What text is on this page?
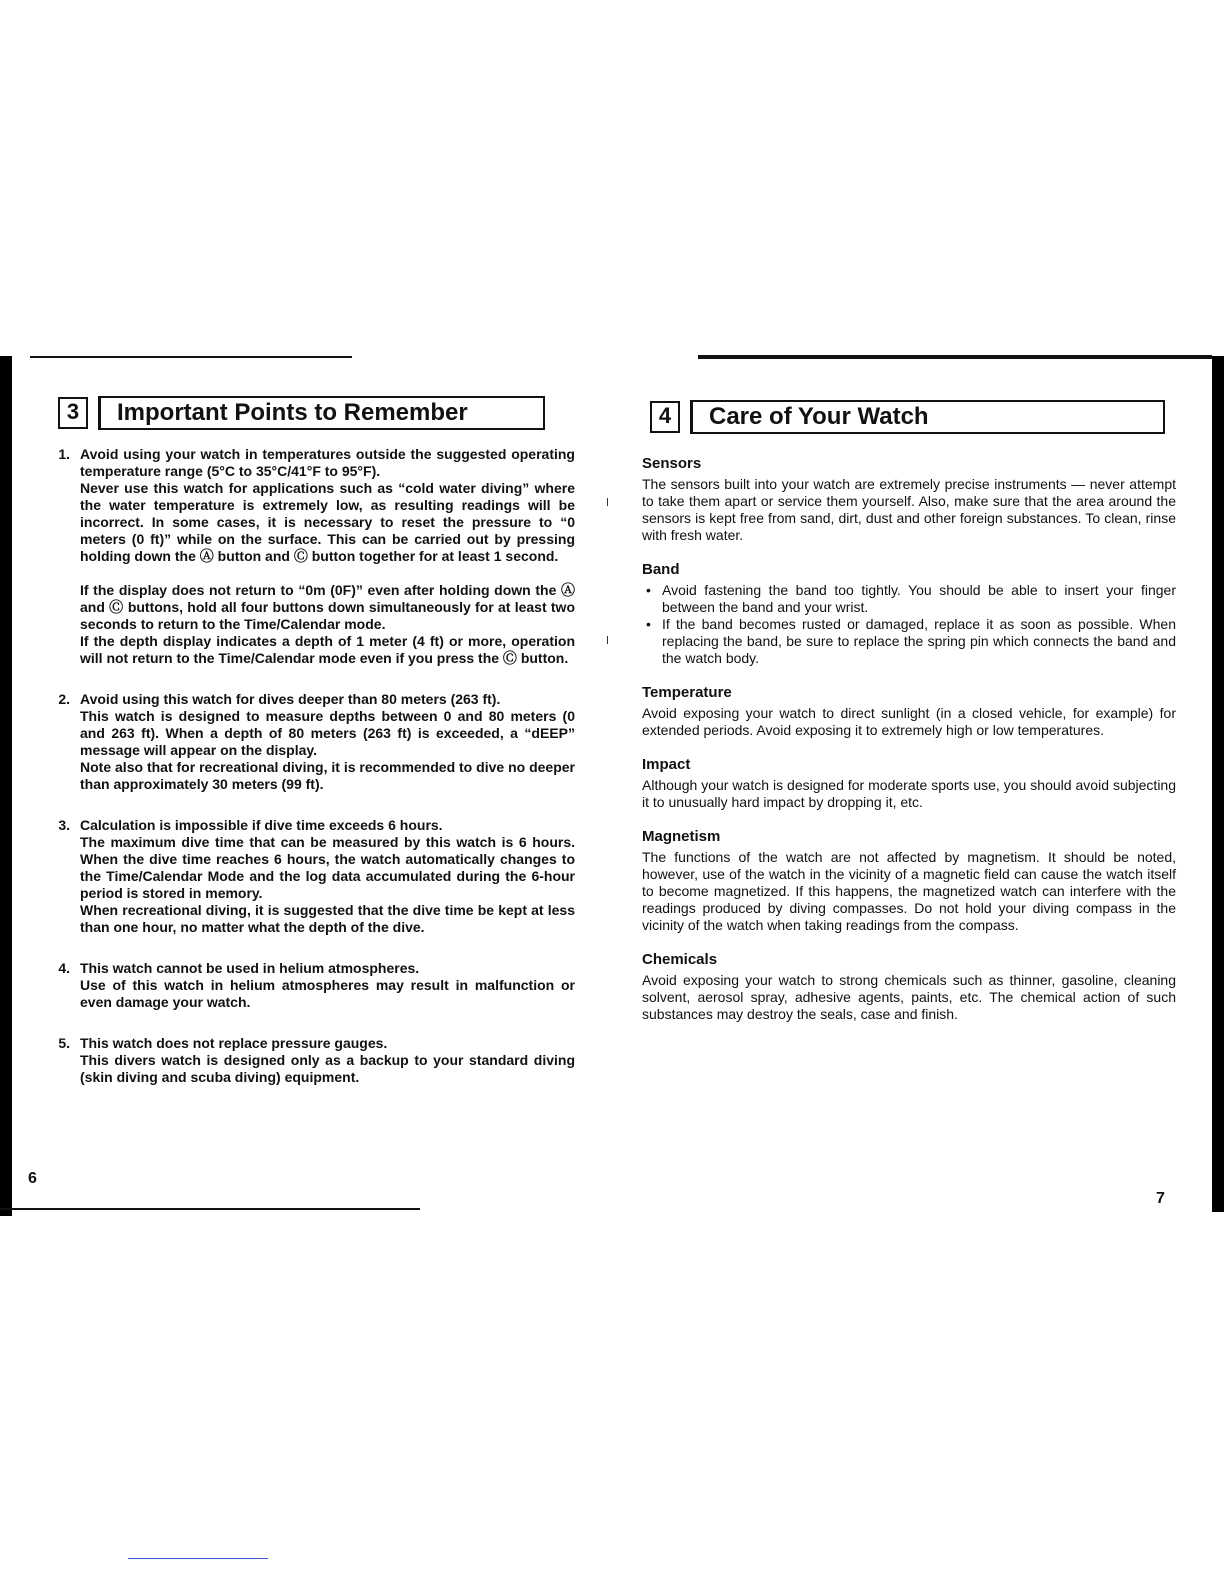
3	Important Points to Remember
1. Avoid using your watch in temperatures outside the suggested operating temperature range (5°C to 35°C/41°F to 95°F).

Never use this watch for applications such as “cold water diving” where the water temperature is extremely low, as resulting readings will be incorrect. In some cases, it is necessary to reset the pressure to “0 meters (0 ft)” while on the surface. This can be carried out by pressing holding down the Ⓐ button and Ⓒ button together for at least 1 second.

If the display does not return to “0m (0F)” even after holding down the Ⓐ and Ⓒ buttons, hold all four buttons down simultaneously for at least two seconds to return to the Time/Calendar mode.

If the depth display indicates a depth of 1 meter (4 ft) or more, operation will not return to the Time/Calendar mode even if you press the Ⓒ button.

2. Avoid using this watch for dives deeper than 80 meters (263 ft).

This watch is designed to measure depths between 0 and 80 meters (0 and 263 ft). When a depth of 80 meters (263 ft) is exceeded, a “dEEP” message will appear on the display.

Note also that for recreational diving, it is recommended to dive no deeper than approximately 30 meters (99 ft).

3. Calculation is impossible if dive time exceeds 6 hours.

The maximum dive time that can be measured by this watch is 6 hours. When the dive time reaches 6 hours, the watch automatically changes to the Time/Calendar Mode and the log data accumulated during the 6-hour period is stored in memory.

When recreational diving, it is suggested that the dive time be kept at less than one hour, no matter what the depth of the dive.

4. This watch cannot be used in helium atmospheres.

Use of this watch in helium atmospheres may result in malfunction or even damage your watch.

5. This watch does not replace pressure gauges.

This divers watch is designed only as a backup to your standard diving (skin diving and scuba diving) equipment.

6
4	Care of Your Watch
Sensors

The sensors built into your watch are extremely precise instruments — never attempt to take them apart or service them yourself. Also, make sure that the area around the sensors is kept free from sand, dirt, dust and other foreign substances. To clean, rinse with fresh water.

Band
• Avoid fastening the band too tightly. You should be able to insert your finger between the band and your wrist.
• If the band becomes rusted or damaged, replace it as soon as possible. When replacing the band, be sure to replace the spring pin which connects the band and the watch body.
Temperature

Avoid exposing your watch to direct sunlight (in a closed vehicle, for example) for extended periods. Avoid exposing it to extremely high or low temperatures.

Impact

Although your watch is designed for moderate sports use, you should avoid subjecting it to unusually hard impact by dropping it, etc.

Magnetism

The functions of the watch are not affected by magnetism. It should be noted, however, use of the watch in the vicinity of a magnetic field can cause the watch itself to become magnetized. If this happens, the magnetized watch can interfere with the readings produced by diving compasses. Do not hold your diving compass in the vicinity of the watch when taking readings from the compass.

Chemicals

Avoid exposing your watch to strong chemicals such as thinner, gasoline, cleaning solvent, aerosol spray, adhesive agents, paints, etc. The chemical action of such substances may destroy the seals, case and finish.

7
